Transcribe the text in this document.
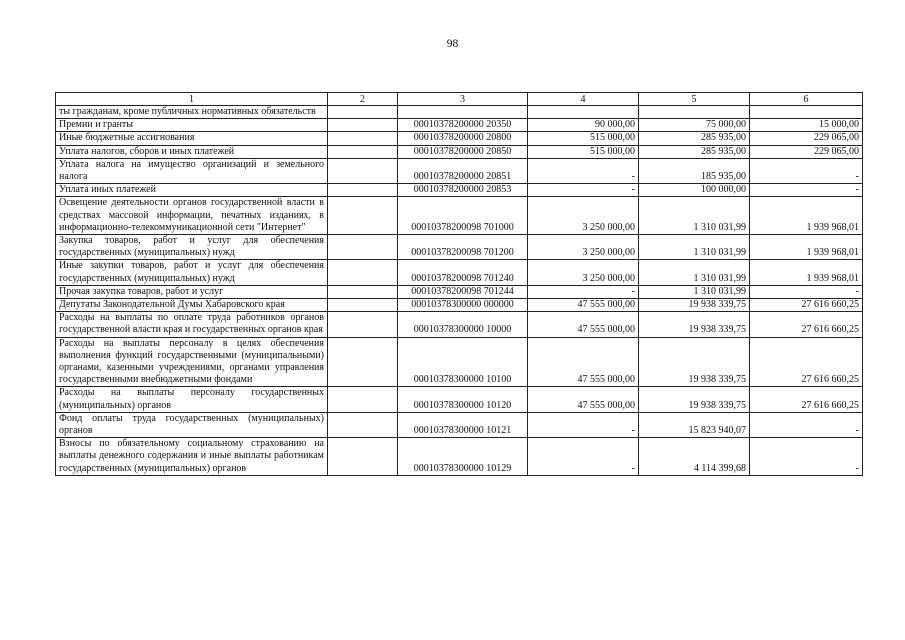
98
1	2	3	4	5	6
ты гражданам, кроме публичных нормативных обязательств					
Премии и гранты		00010378200000 20350	90 000,00	75 000,00	15 000,00
Иные бюджетные ассигнования		00010378200000 20800	515 000,00	285 935,00	229 065,00
Уплата налогов, сборов и иных платежей		00010378200000 20850	515 000,00	285 935,00	229 065,00
Уплата налога на имущество организаций и земельного налога		00010378200000 20851	-	185 935,00	-
Уплата иных платежей		00010378200000 20853	-	100 000,00	-
Освещение деятельности органов государственной власти в средствах массовой информации, печатных изданиях, в информационно-телекоммуникационной сети "Интернет"		00010378200098 701000	3 250 000,00	1 310 031,99	1 939 968,01
Закупка товаров, работ и услуг для обеспечения государственных (муниципальных) нужд		00010378200098 701200	3 250 000,00	1 310 031,99	1 939 968,01
Иные закупки товаров, работ и услуг для обеспечения государственных (муниципальных) нужд		00010378200098 701240	3 250 000,00	1 310 031,99	1 939 968,01
Прочая закупка товаров, работ и услуг		00010378200098 701244	-	1 310 031,99	-
Депутаты Законодательной Думы Хабаровского края		00010378300000 000000	47 555 000,00	19 938 339,75	27 616 660,25
Расходы на выплаты по оплате труда работников органов государственной власти края и государственных органов края		00010378300000 10000	47 555 000,00	19 938 339,75	27 616 660,25
Расходы на выплаты персоналу в целях обеспечения выполнения функций государственными (муниципальными) органами, казенными учреждениями, органами управления государственными внебюджетными фондами		00010378300000 10100	47 555 000,00	19 938 339,75	27 616 660,25
Расходы на выплаты персоналу государственных (муниципальных) органов		00010378300000 10120	47 555 000,00	19 938 339,75	27 616 660,25
Фонд оплаты труда государственных (муниципальных) органов		00010378300000 10121	-	15 823 940,07	-
Взносы по обязательному социальному страхованию на выплаты денежного содержания и иные выплаты работникам государственных (муниципальных) органов		00010378300000 10129	-	4 114 399,68	-
